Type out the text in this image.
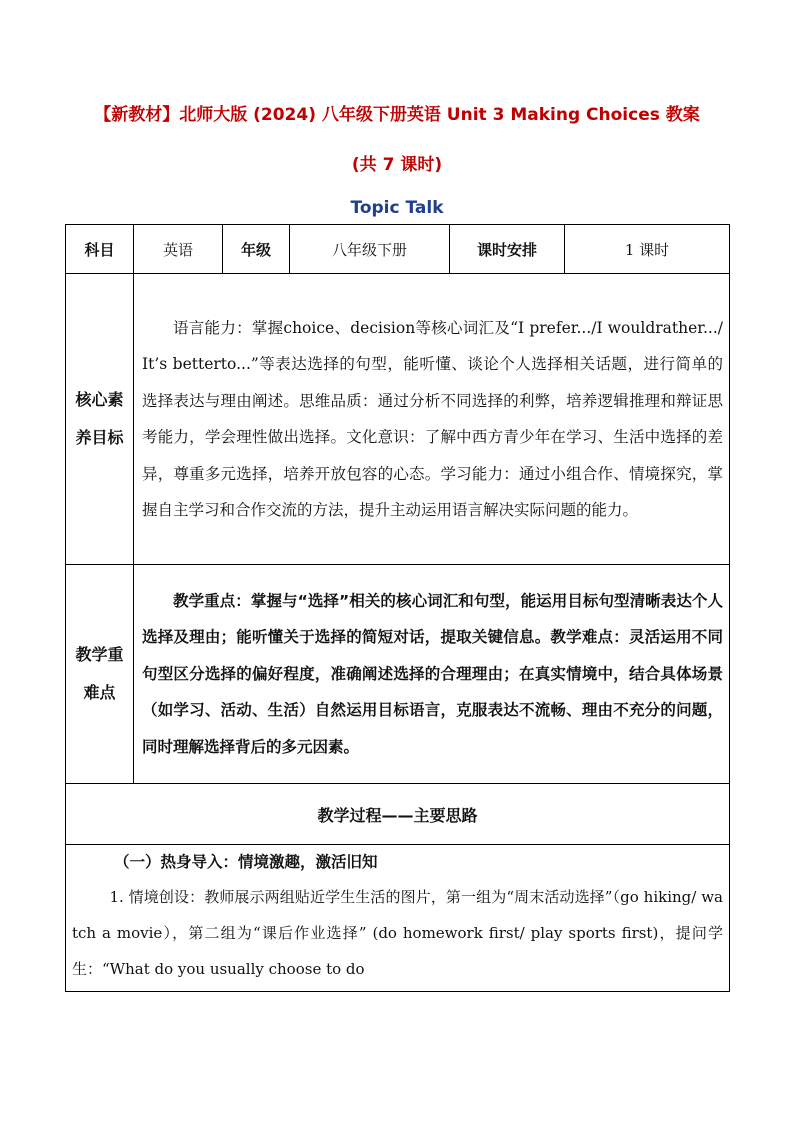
【新教材】北师大版 (2024) 八年级下册英语 Unit 3 Making Choices 教案
(共 7 课时)
Topic Talk
科目	英语	年级	八年级下册	课时安排	1 课时
核心素养目标	语言能力：掌握choice、decision等核心词汇及“I prefer.../I wouldrather.../It’s betterto...”等表达选择的句型，能听懂、谈论个人选择相关话题，进行简单的选择表达与理由阐述。思维品质：通过分析不同选择的利弊，培养逻辑推理和辩证思考能力，学会理性做出选择。文化意识：了解中西方青少年在学习、生活中选择的差异，尊重多元选择，培养开放包容的心态。学习能力：通过小组合作、情境探究，掌握自主学习和合作交流的方法，提升主动运用语言解决实际问题的能力。				
教学重难点	教学重点：掌握与“选择”相关的核心词汇和句型，能运用目标句型清晰表达个人选择及理由；能听懂关于选择的简短对话，提取关键信息。教学难点：灵活运用不同句型区分选择的偏好程度，准确阐述选择的合理理由；在真实情境中，结合具体场景（如学习、活动、生活）自然运用目标语言，克服表达不流畅、理由不充分的问题，同时理解选择背后的多元因素。				
教学过程——主要思路					

（一）热身导入：情境激趣，激活旧知

1. 情境创设：教师展示两组贴近学生生活的图片，第一组为“周末活动选择”（go hiking/ watch a movie），第二组为“课后作业选择” (do homework first/ play sports first)，提问学生：“What do you usually choose to do					
